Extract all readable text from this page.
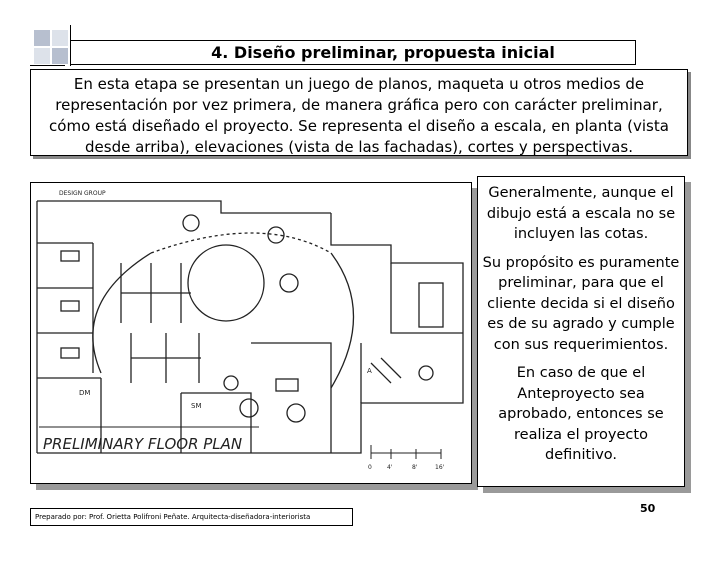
4. Diseño preliminar, propuesta inicial
En esta etapa se presentan un juego de planos, maqueta u otros medios de representación por vez primera, de manera gráfica pero con carácter preliminar, cómo está diseñado el proyecto. Se representa el diseño a escala, en planta (vista desde arriba), elevaciones (vista de las fachadas), cortes y perspectivas.
PRELIMINARY FLOOR PLAN
DESIGN GROUP
DM
SM
A
0	4'	8'	16'

Generalmente, aunque el dibujo está a escala no se incluyen las cotas.

Su propósito es puramente preliminar, para que el cliente decida si el diseño es de su agrado y cumple con sus requerimientos.

En caso de que el Anteproyecto sea aprobado, entonces se realiza el proyecto definitivo.

50
Preparado por: Prof. Orietta Polifroni Peñate. Arquitecta-diseñadora-interiorista
